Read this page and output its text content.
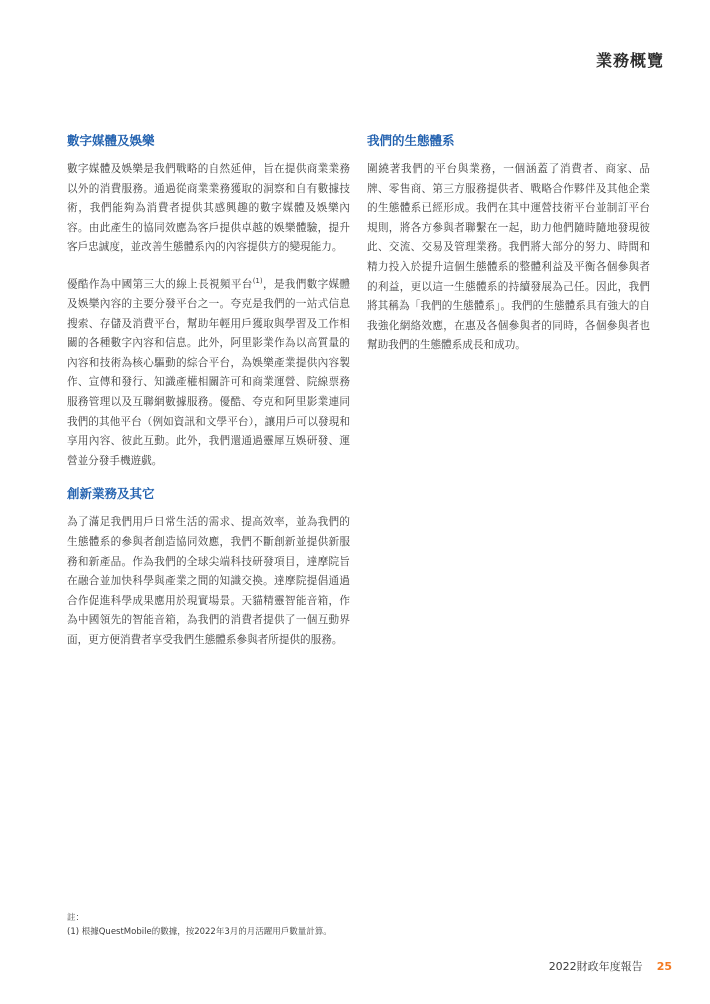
業務概覽
數字媒體及娛樂

數字媒體及娛樂是我們戰略的自然延伸，旨在提供商業業務以外的消費服務。通過從商業業務獲取的洞察和自有數據技術，我們能夠為消費者提供其感興趣的數字媒體及娛樂內容。由此產生的協同效應為客戶提供卓越的娛樂體驗，提升客戶忠誠度，並改善生態體系內的內容提供方的變現能力。

優酷作為中國第三大的線上長視頻平台$^{(1)}$，是我們數字媒體及娛樂內容的主要分發平台之一。夸克是我們的一站式信息搜索、存儲及消費平台，幫助年輕用戶獲取與學習及工作相關的各種數字內容和信息。此外，阿里影業作為以高質量的內容和技術為核心驅動的綜合平台，為娛樂產業提供內容製作、宣傳和發行、知識產權相關許可和商業運營、院線票務服務管理以及互聯網數據服務。優酷、夸克和阿里影業連同我們的其他平台（例如資訊和文學平台），讓用戶可以發現和享用內容、彼此互動。此外，我們還通過靈犀互娛研發、運營並分發手機遊戲。

創新業務及其它

為了滿足我們用戶日常生活的需求、提高效率，並為我們的生態體系的參與者創造協同效應，我們不斷創新並提供新服務和新產品。作為我們的全球尖端科技研發項目，達摩院旨在融合並加快科學與產業之間的知識交換。達摩院提倡通過合作促進科學成果應用於現實場景。天貓精靈智能音箱，作為中國領先的智能音箱，為我們的消費者提供了一個互動界面，更方便消費者享受我們生態體系參與者所提供的服務。

我們的生態體系

圍繞著我們的平台與業務，一個涵蓋了消費者、商家、品牌、零售商、第三方服務提供者、戰略合作夥伴及其他企業的生態體系已經形成。我們在其中運營技術平台並制訂平台規則，將各方參與者聯繫在一起，助力他們隨時隨地發現彼此、交流、交易及管理業務。我們將大部分的努力、時間和精力投入於提升這個生態體系的整體利益及平衡各個參與者的利益，更以這一生態體系的持續發展為己任。因此，我們將其稱為「我們的生態體系」。我們的生態體系具有強大的自我強化網絡效應，在惠及各個參與者的同時，各個參與者也幫助我們的生態體系成長和成功。

註：
(1) 根據QuestMobile的數據，按2022年3月的月活躍用戶數量計算。
2022財政年度報告 25
